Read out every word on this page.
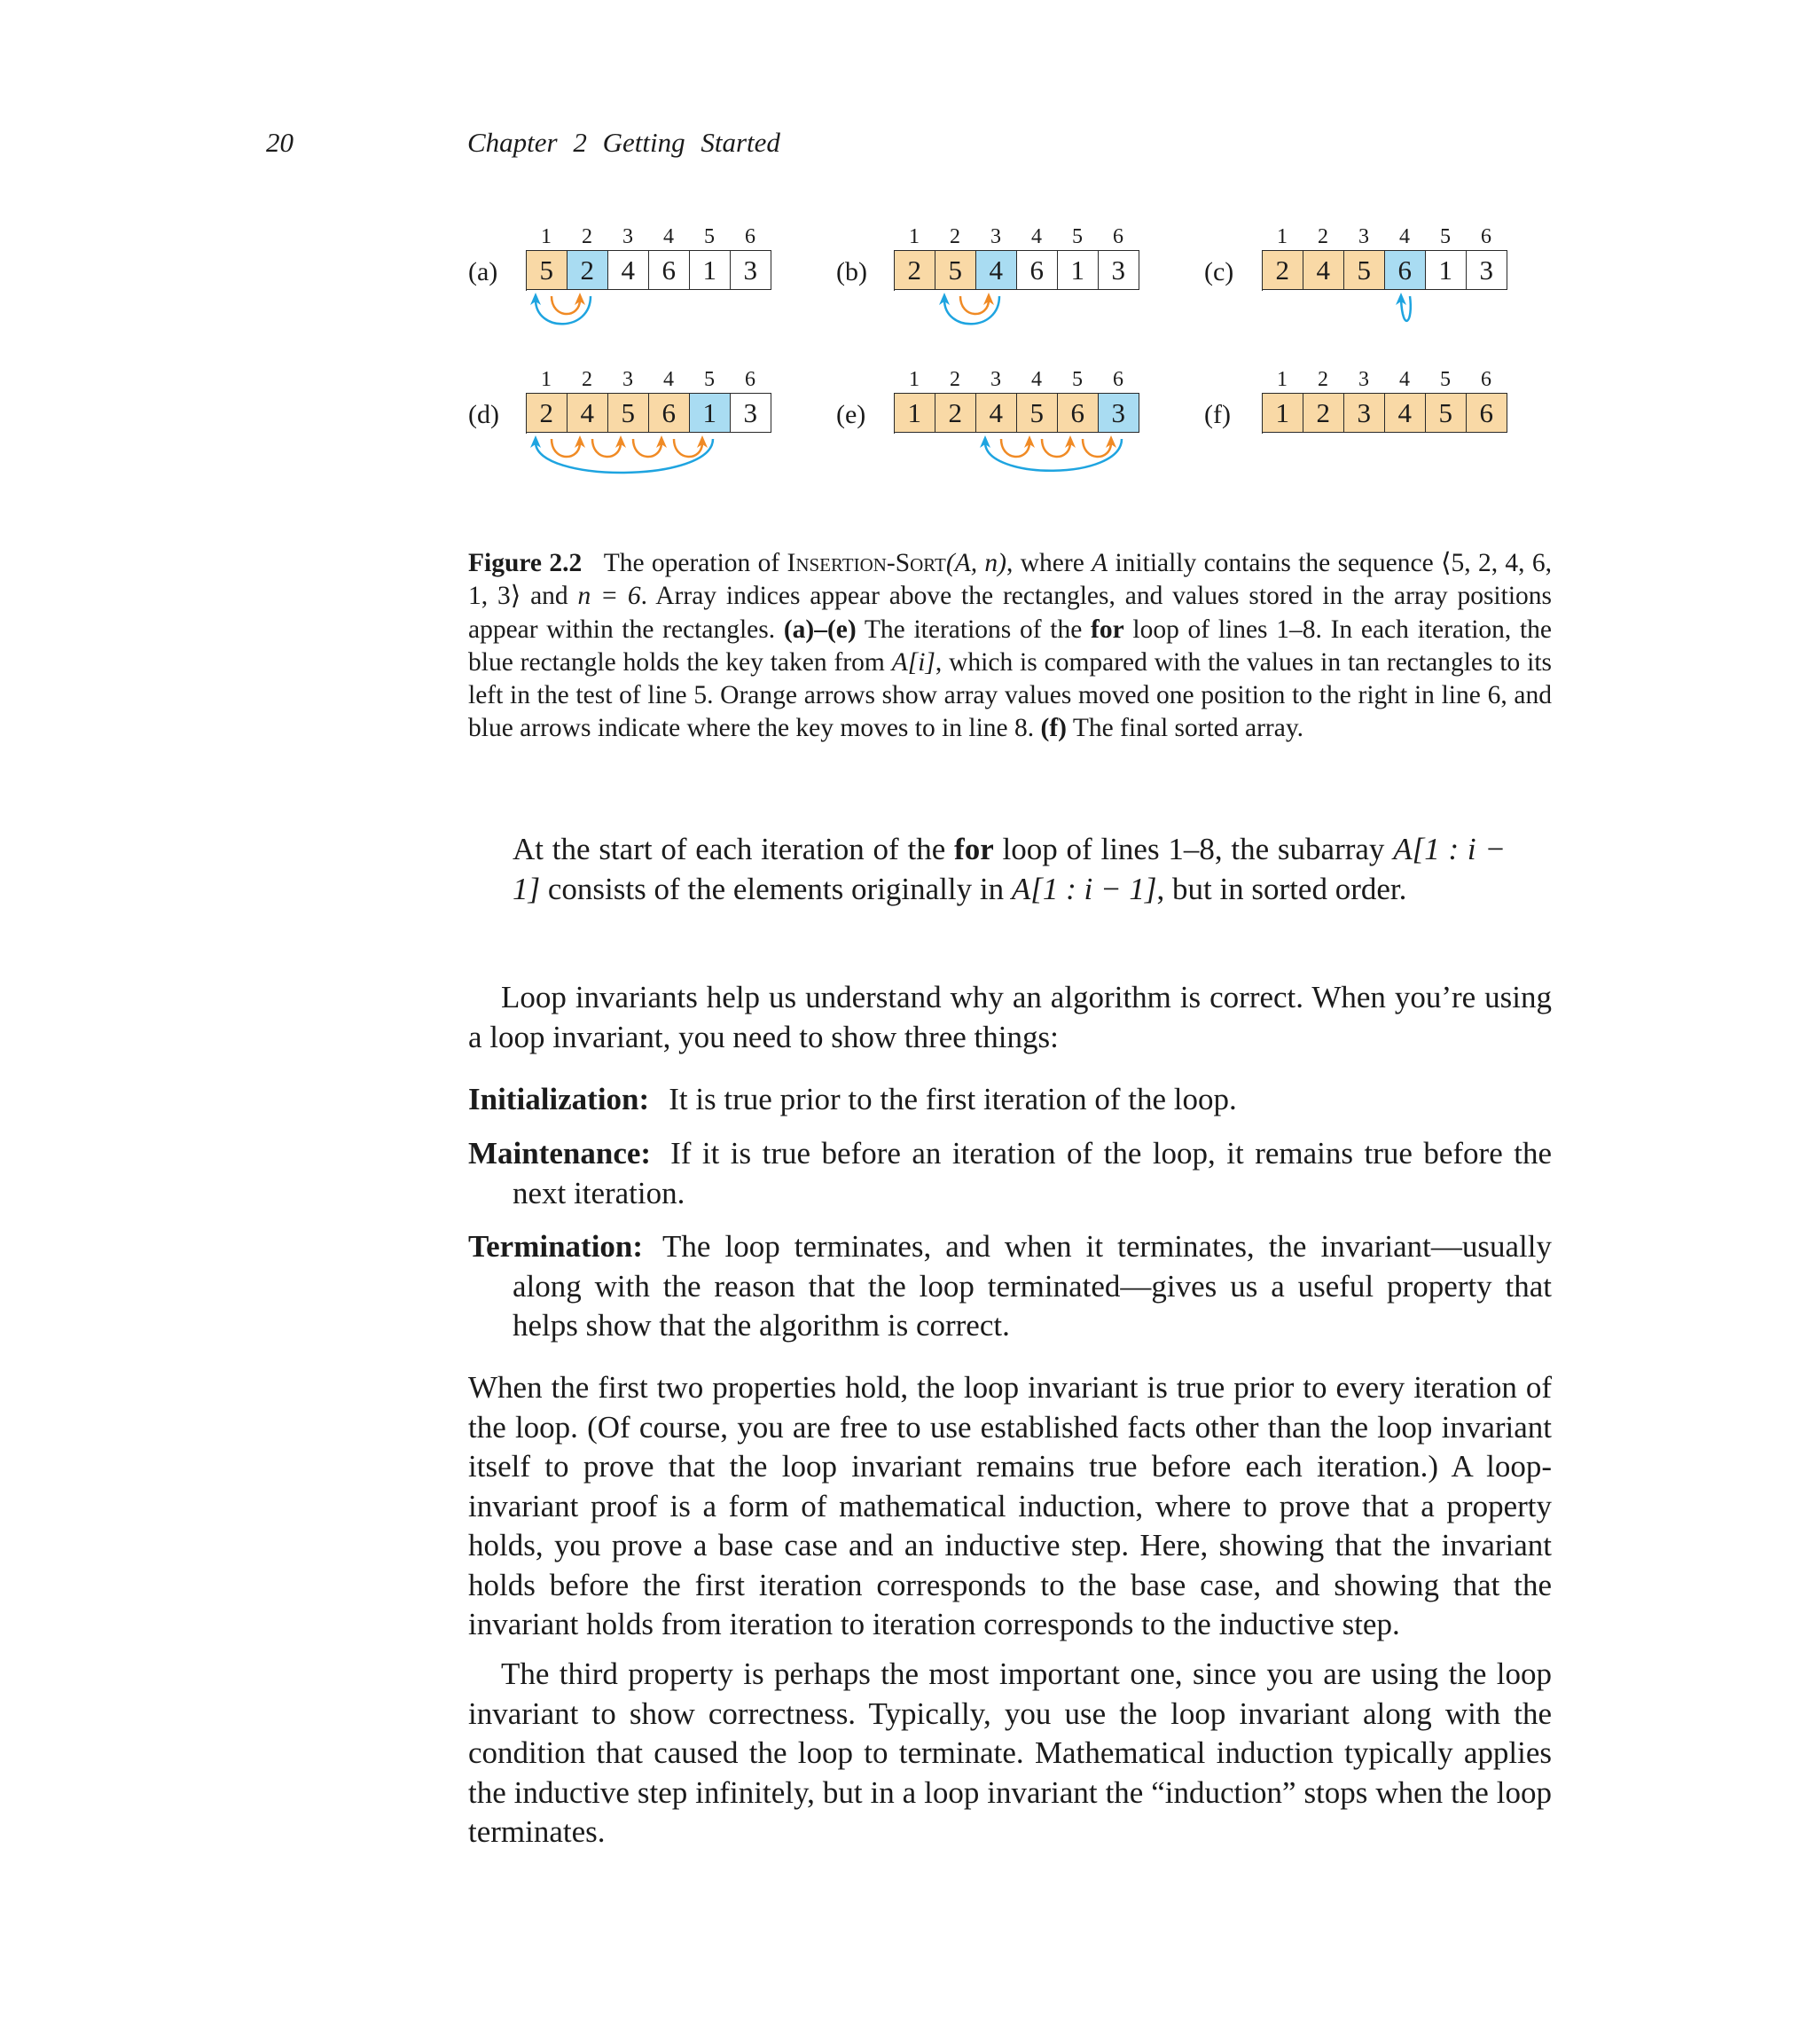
20	Chapter 2 Getting Started
(a)
1	2	3	4	5	6
5 2 4 6 1 3	(b)
1	2	3	4	5	6
2 5 4 6 1 3	(c)
1	2	3	4	5	6
2 4 5 6 1 3
(d)
1	2	3	4	5	6
2 4 5 6 1 3	(e)
1	2	3	4	5	6
1 2 4 5 6 3	(f)
1	2	3	4	5	6
1 2 3 4 5 6
Figure 2.2 The operation of Insertion-Sort(A, n), where A initially contains the sequence ⟨5, 2, 4, 6, 1, 3⟩ and n = 6. Array indices appear above the rectangles, and values stored in the array positions appear within the rectangles. (a)–(e) The iterations of the for loop of lines 1–8. In each iteration, the blue rectangle holds the key taken from A[i], which is compared with the values in tan rectangles to its left in the test of line 5. Orange arrows show array values moved one position to the right in line 6, and blue arrows indicate where the key moves to in line 8. (f) The final sorted array.
At the start of each iteration of the for loop of lines 1–8, the subarray A[1 : i − 1] consists of the elements originally in A[1 : i − 1], but in sorted order.
Loop invariants help us understand why an algorithm is correct. When you’re using a loop invariant, you need to show three things:
Initialization: It is true prior to the first iteration of the loop.
Maintenance: If it is true before an iteration of the loop, it remains true before the next iteration.
Termination: The loop terminates, and when it terminates, the invariant—usually along with the reason that the loop terminated—gives us a useful property that helps show that the algorithm is correct.
When the first two properties hold, the loop invariant is true prior to every iteration of the loop. (Of course, you are free to use established facts other than the loop invariant itself to prove that the loop invariant remains true before each iteration.) A loop-invariant proof is a form of mathematical induction, where to prove that a property holds, you prove a base case and an inductive step. Here, showing that the invariant holds before the first iteration corresponds to the base case, and showing that the invariant holds from iteration to iteration corresponds to the inductive step.
The third property is perhaps the most important one, since you are using the loop invariant to show correctness. Typically, you use the loop invariant along with the condition that caused the loop to terminate. Mathematical induction typically applies the inductive step infinitely, but in a loop invariant the “induction” stops when the loop terminates.
